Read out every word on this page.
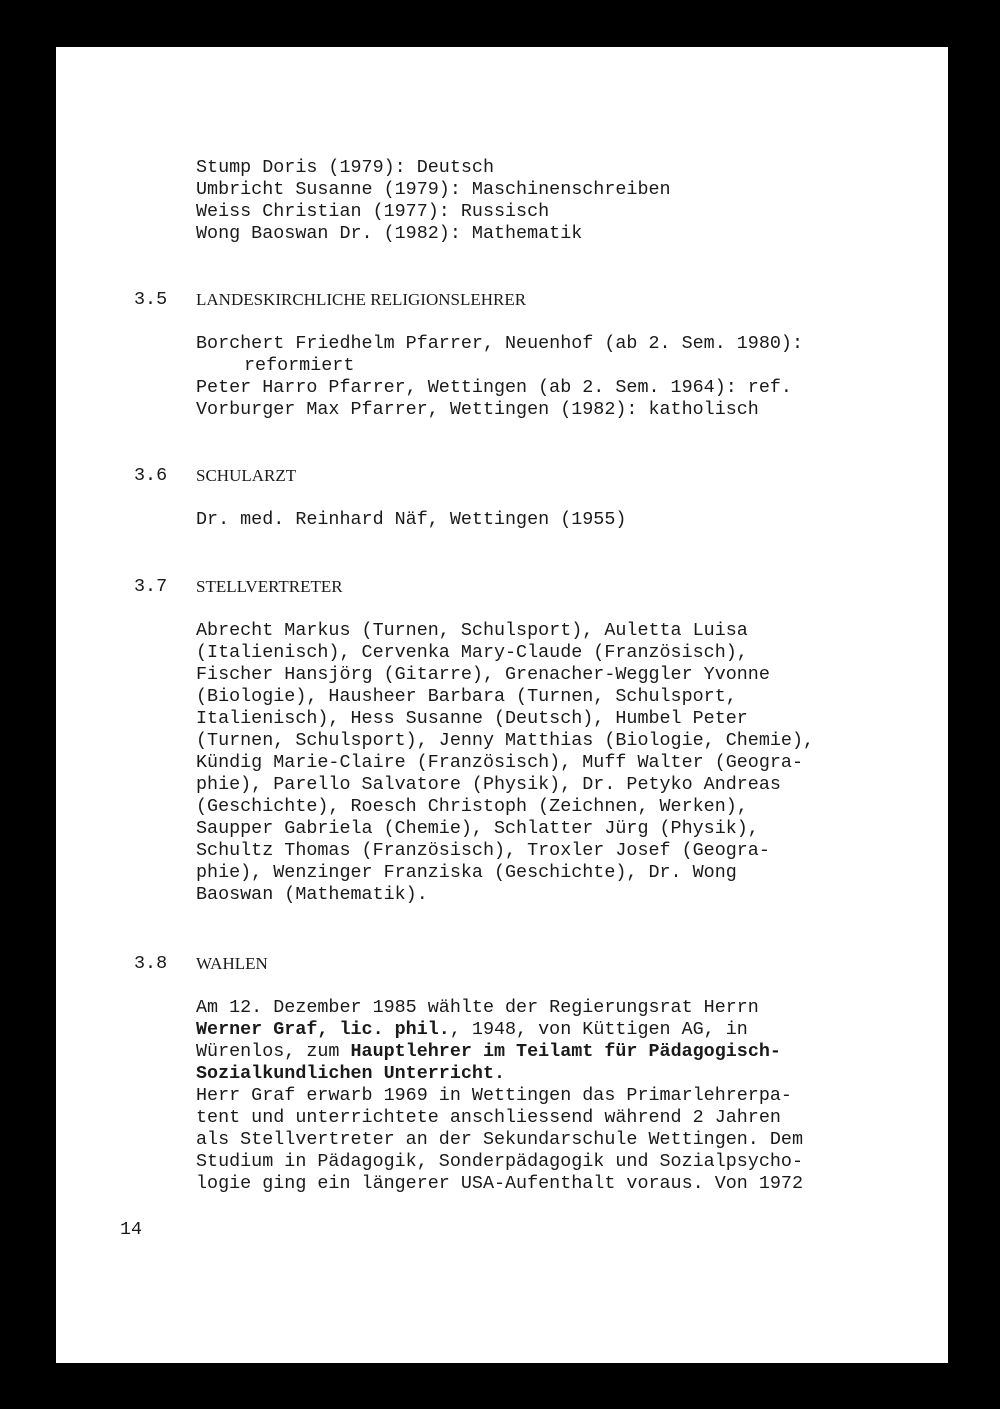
Stump Doris (1979): Deutsch
Umbricht Susanne (1979): Maschinenschreiben
Weiss Christian (1977): Russisch
Wong Baoswan Dr. (1982): Mathematik
3.5 LANDESKIRCHLICHE RELIGIONSLEHRER
Borchert Friedhelm Pfarrer, Neuenhof (ab 2. Sem. 1980):
reformiert
Peter Harro Pfarrer, Wettingen (ab 2. Sem. 1964): ref.
Vorburger Max Pfarrer, Wettingen (1982): katholisch
3.6 SCHULARZT
Dr. med. Reinhard Näf, Wettingen (1955)
3.7 STELLVERTRETER
Abrecht Markus (Turnen, Schulsport), Auletta Luisa
(Italienisch), Cervenka Mary-Claude (Französisch),
Fischer Hansjörg (Gitarre), Grenacher-Weggler Yvonne
(Biologie), Hausheer Barbara (Turnen, Schulsport,
Italienisch), Hess Susanne (Deutsch), Humbel Peter
(Turnen, Schulsport), Jenny Matthias (Biologie, Chemie),
Kündig Marie-Claire (Französisch), Muff Walter (Geogra-
phie), Parello Salvatore (Physik), Dr. Petyko Andreas
(Geschichte), Roesch Christoph (Zeichnen, Werken),
Saupper Gabriela (Chemie), Schlatter Jürg (Physik),
Schultz Thomas (Französisch), Troxler Josef (Geogra-
phie), Wenzinger Franziska (Geschichte), Dr. Wong
Baoswan (Mathematik).
3.8 WAHLEN
Am 12. Dezember 1985 wählte der Regierungsrat Herrn
Werner Graf, lic. phil., 1948, von Küttigen AG, in
Würenlos, zum Hauptlehrer im Teilamt für Pädagogisch-
Sozialkundlichen Unterricht.
Herr Graf erwarb 1969 in Wettingen das Primarlehrerpa-
tent und unterrichtete anschliessend während 2 Jahren
als Stellvertreter an der Sekundarschule Wettingen. Dem
Studium in Pädagogik, Sonderpädagogik und Sozialpsycho-
logie ging ein längerer USA-Aufenthalt voraus. Von 1972
14
